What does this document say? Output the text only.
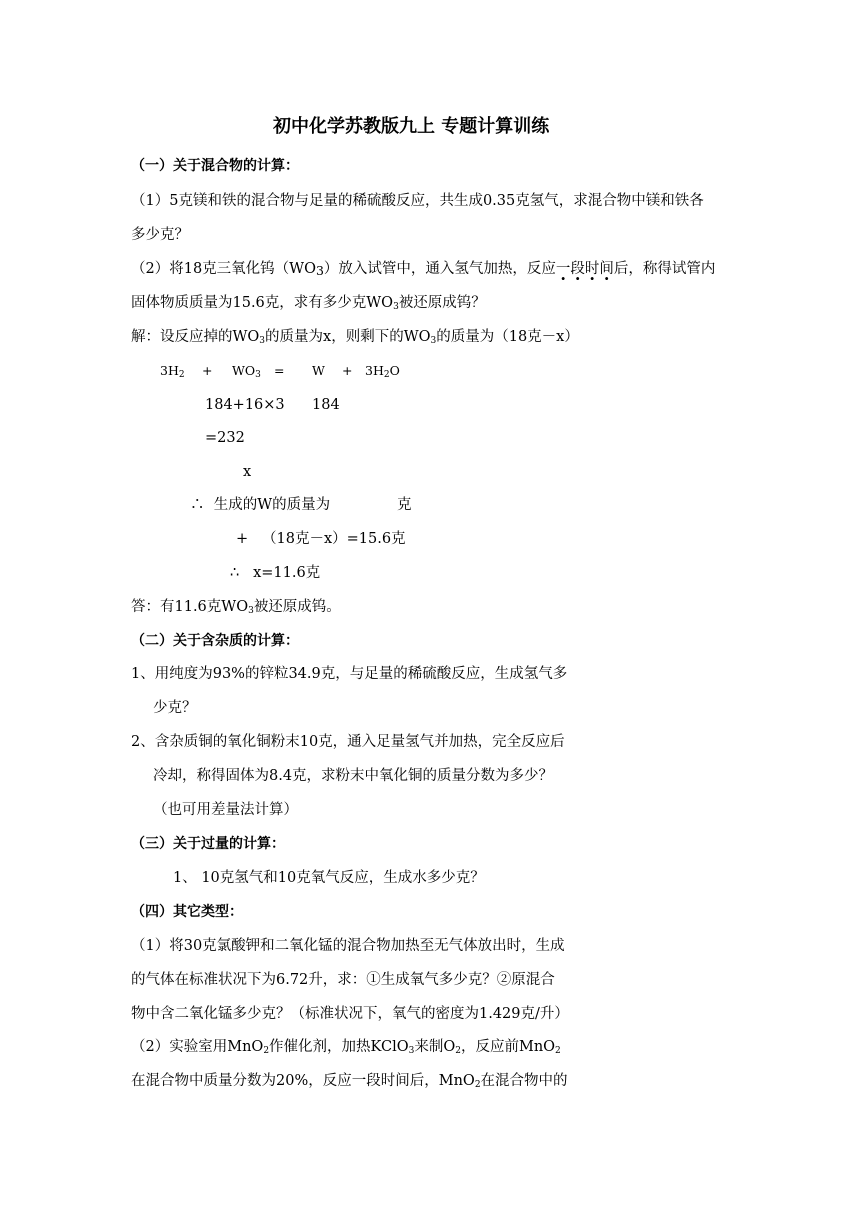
初中化学苏教版九上 专题计算训练
（一）关于混合物的计算：
（1）5克镁和铁的混合物与足量的稀硫酸反应，共生成0.35克氢气，求混合物中镁和铁各
多少克？
（2）将18克三氧化钨$(WO_3)$放入试管中，通入氢气加热，反应一段时间后，称得试管内
固体物质质量为15.6克，求有多少克$WO_3$被还原成钨？
解：设反应掉的$WO_3$的质量为x，则剩下的$WO_3$的质量为（18克－x）
$3H_2 + WO_3 = W + 3H_2O$
184+16×3 184
=232
x
∴ 生成的W的质量为	克
+ （18克－x）=15.6克
∴ x=11.6克
答：有11.6克$WO_3$被还原成钨。
（二）关于含杂质的计算：
1、用纯度为93%的锌粒34.9克，与足量的稀硫酸反应，生成氢气多
少克？
2、含杂质铜的氧化铜粉末10克，通入足量氢气并加热，完全反应后
冷却，称得固体为8.4克，求粉末中氧化铜的质量分数为多少？
（也可用差量法计算）
（三）关于过量的计算：
1、 10克氢气和10克氧气反应，生成水多少克？
（四）其它类型：
（1）将30克氯酸钾和二氧化锰的混合物加热至无气体放出时，生成
的气体在标准状况下为6.72升，求：①生成氧气多少克？②原混合
物中含二氧化锰多少克？（标准状况下，氧气的密度为1.429克/升）
（2）实验室用MnO$_2$作催化剂，加热KClO$_3$来制$O_2$，反应前MnO$_2$
在混合物中质量分数为20%，反应一段时间后，MnO$_2$在混合物中的
